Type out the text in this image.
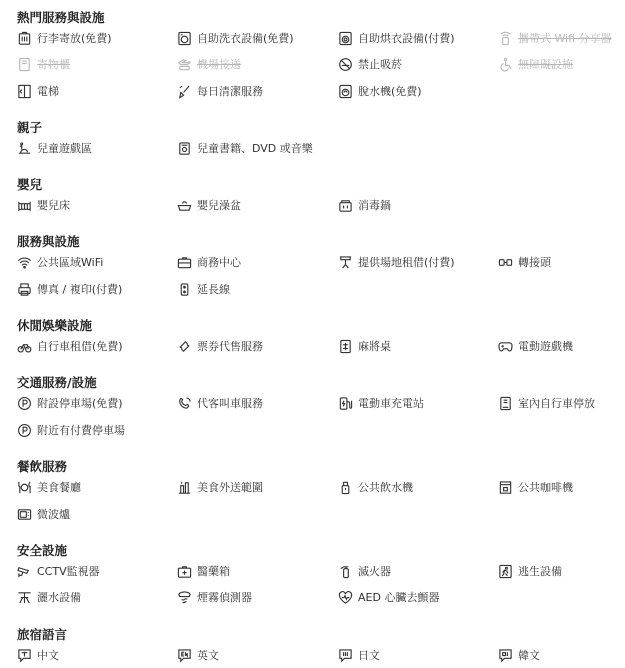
熱門服務與設施
行李寄放(免費)	自助洗衣設備(免費)	自助烘衣設備(付費)	攜帶式 Wifi 分享器
寄物櫃	機場接送	禁止吸菸	無障礙設施
電梯	每日清潔服務	脫水機(免費)
親子
兒童遊戲區	兒童書籍、DVD 或音樂
嬰兒
嬰兒床	嬰兒澡盆	消毒鍋
服務與設施
公共區域WiFi	商務中心	提供場地租借(付費)	轉接頭
傳真 / 複印(付費)	延長線
休閒娛樂設施
自行車租借(免費)	票券代售服務	麻將桌	電動遊戲機
交通服務/設施
附設停車場(免費)	代客叫車服務	電動車充電站	室內自行車停放
附近有付費停車場
餐飲服務
美食餐廳	美食外送範圍	公共飲水機	公共咖啡機
微波爐
安全設施
CCTV監視器	醫藥箱	滅火器	逃生設備
灑水設備	煙霧偵測器	AED 心臟去顫器
旅宿語言
中文	英文	日文	韓文
